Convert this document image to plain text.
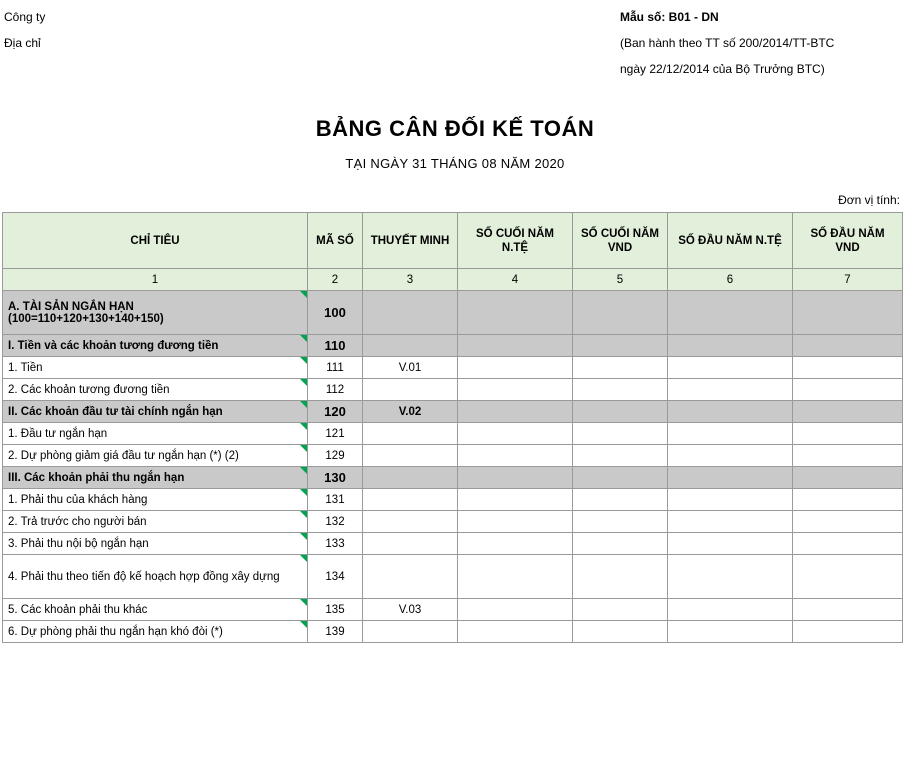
Công ty
Địa chỉ
Mẫu số: B01 - DN
(Ban hành theo TT số 200/2014/TT-BTC
ngày 22/12/2014 của Bộ Trưởng BTC)
BẢNG CÂN ĐỐI KẾ TOÁN
TẠI NGÀY 31 THÁNG 08 NĂM 2020
Đơn vị tính:
CHỈ TIÊU	MÃ SỐ	THUYẾT MINH	SỐ CUỐI NĂM N.TỆ	SỐ CUỐI NĂM VND	SỐ ĐẦU NĂM N.TỆ	SỐ ĐẦU NĂM VND
1	2	3	4	5	6	7

A. TÀI SẢN NGẮN HẠN
(100=110+120+130+140+150)	100					
I. Tiền và các khoản tương đương tiền	110					
1. Tiền	111	V.01				
2. Các khoản tương đương tiền	112					
II. Các khoản đầu tư tài chính ngắn hạn	120	V.02				
1. Đầu tư ngắn hạn	121					
2. Dự phòng giảm giá đầu tư ngắn hạn (*) (2)	129					
III. Các khoản phải thu ngắn hạn	130					
1. Phải thu của khách hàng	131					
2. Trả trước cho người bán	132					
3. Phải thu nội bộ ngắn hạn	133					
4. Phải thu theo tiến độ kế hoạch hợp đồng xây dựng	134					
5. Các khoản phải thu khác	135	V.03				
6. Dự phòng phải thu ngắn hạn khó đòi (*)	139					
